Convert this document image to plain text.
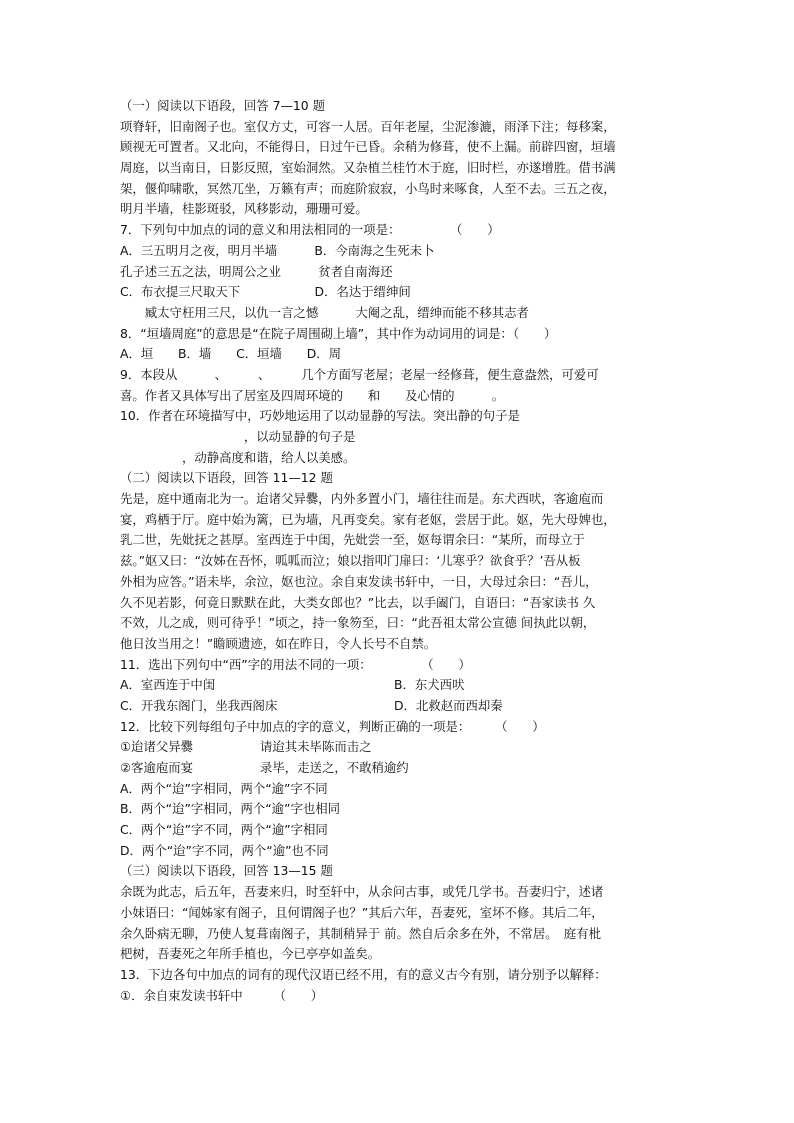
（一）阅读以下语段，回答 7—10 题
项脊轩，旧南阁子也。室仅方丈，可容一人居。百年老屋，尘泥渗漉，雨泽下注；每移案，
顾视无可置者。又北向，不能得日，日过午已昏。余稍为修葺，使不上漏。前辟四窗，垣墙
周庭，以当南日，日影反照，室始洞然。又杂植兰桂竹木于庭，旧时栏，亦遂增胜。借书满
架，偃仰啸歌，冥然兀坐，万籁有声；而庭阶寂寂，小鸟时来啄食，人至不去。三五之夜，
明月半墙，桂影斑驳，风移影动，珊珊可爱。
7．下列句中加点的词的意义和用法相同的一项是：　　　　　（　　）
A．三五明月之夜，明月半墙　　　B．今南海之生死未卜
孔子述三五之法，明周公之业　　　贫者自南海还
C．布衣提三尺取天下　　　　　　D．名达于缙绅间
　　臧太守枉用三尺，以仇一言之憾　　　大阉之乱，缙绅而能不移其志者
8．“垣墙周庭”的意思是“在院子周围砌上墙”，其中作为动词用的词是：（　　）
A．垣　　B．墙　　C．垣墙　　D．周
9．本段从　　　、　　　、　　　几个方面写老屋；老屋一经修葺，便生意盎然，可爱可
喜。作者又具体写出了居室及四周环境的　　和　　及心情的　　　。
10．作者在环境描写中，巧妙地运用了以动显静的写法。突出静的句子是
　　　　　　　　　　，以动显静的句子是
　　　　　，动静高度和谐，给人以美感。
（二）阅读以下语段，回答 11—12 题
先是，庭中通南北为一。迨诸父异爨，内外多置小门，墙往往而是。东犬西吠，客逾庖而
宴，鸡栖于厅。庭中始为篱，已为墙，凡再变矣。家有老妪，尝居于此。妪，先大母婢也，
乳二世，先妣抚之甚厚。室西连于中闺，先妣尝一至，妪每谓余曰：“某所，而母立于
兹。”妪又曰：“汝姊在吾怀，呱呱而泣；娘以指叩门扉曰：‘儿寒乎？欲食乎？’吾从板
外相为应答。”语未毕，余泣，妪也泣。余自束发读书轩中，一日，大母过余曰：“吾儿，
久不见若影，何竟日默默在此，大类女郎也？”比去，以手阖门，自语曰：“吾家读书 久
不效，儿之成，则可待乎！”顷之，持一象笏至，曰：“此吾祖太常公宣德 间执此以朝，
他日汝当用之！”瞻顾遗迹，如在昨日，令人长号不自禁。
11．选出下列句中“西”字的用法不同的一项：　　　　　（　　）
A．室西连于中闺	B．东犬西吠
C．开我东阁门，坐我西阁床	D．北救赵而西却秦
12．比较下列每组句子中加点的字的意义，判断正确的一项是：　　　（　　）
①迨诸父异爨	请迨其未毕陈而击之
②客逾庖而宴	录毕，走送之，不敢稍逾约
A．两个“迨”字相同，两个“逾”字不同
B．两个“迨”字相同，两个“逾”字也相同
C．两个“迨”字不同，两个“逾”字相同
D．两个“迨”字不同，两个“逾”也不同
（三）阅读以下语段，回答 13—15 题
余既为此志，后五年，吾妻来归，时至轩中，从余问古事，或凭几学书。吾妻归宁，述诸
小妹语曰：“闻姊家有阁子，且何谓阁子也？”其后六年，吾妻死，室坏不修。其后二年，
余久卧病无聊，乃使人复葺南阁子，其制稍异于 前。然自后余多在外，不常居。　庭有枇
杷树，吾妻死之年所手植也，今已亭亭如盖矣。
13．下边各句中加点的词有的现代汉语已经不用，有的意义古今有别，请分别予以解释：
①．余自束发读书轩中　　　（　　）
